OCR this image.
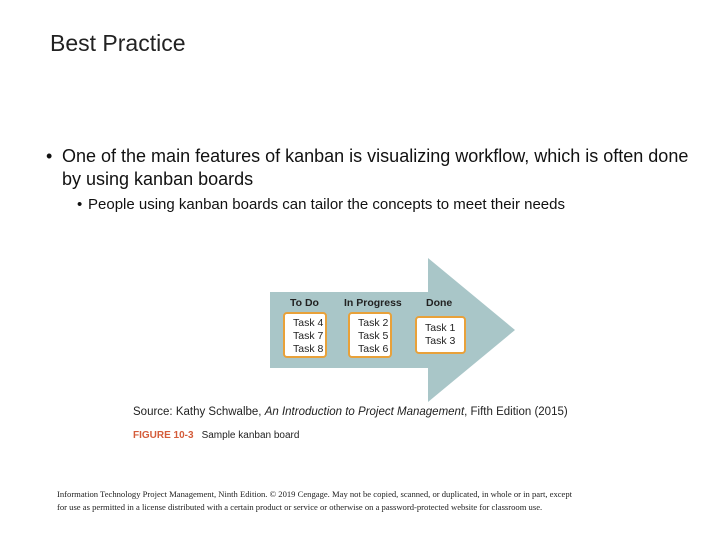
Best Practice
• One of the main features of kanban is visualizing workflow, which is often done by using kanban boards
• People using kanban boards can tailor the concepts to meet their needs
To Do In Progress Done
Task 4
Task 7
Task 8
Task 2
Task 5
Task 6
Task 1
Task 3
Source: Kathy Schwalbe, An Introduction to Project Management, Fifth Edition (2015)
FIGURE 10-3 Sample kanban board
Information Technology Project Management, Ninth Edition. © 2019 Cengage. May not be copied, scanned, or duplicated, in whole or in part, except
for use as permitted in a license distributed with a certain product or service or otherwise on a password-protected website for classroom use.
